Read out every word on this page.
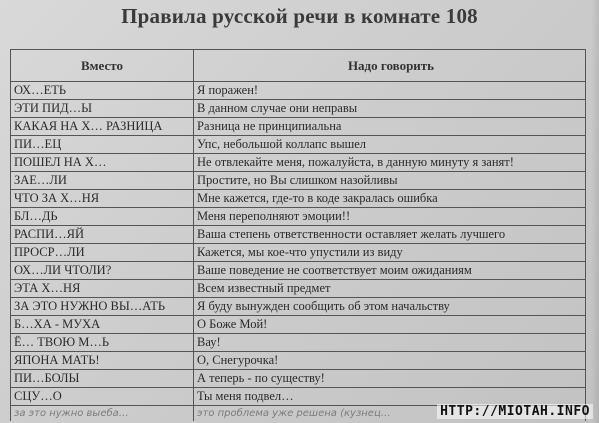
Правила русской речи в комнате 108
Вместо	Надо говорить
ОХ…ЕТЬ	Я поражен!
ЭТИ ПИД…Ы	В данном случае они неправы
КАКАЯ НА Х… РАЗНИЦА	Разница не принципиальна
ПИ…ЕЦ	Упс, небольшой коллапс вышел
ПОШЕЛ НА Х…	Не отвлекайте меня, пожалуйста, в данную минуту я занят!
ЗАЕ…ЛИ	Простите, но Вы слишком назойливы
ЧТО ЗА Х…НЯ	Мне кажется, где-то в коде закралась ошибка
БЛ…ДЬ	Меня переполняют эмоции!!
РАСПИ…ЯЙ	Ваша степень ответственности оставляет желать лучшего
ПРОСР…ЛИ	Кажется, мы кое-что упустили из виду
ОХ…ЛИ ЧТОЛИ?	Ваше поведение не соответствует моим ожиданиям
ЭТА Х…НЯ	Всем известный предмет
ЗА ЭТО НУЖНО ВЫ…АТЬ	Я буду вынужден сообщить об этом начальству
Б…ХА - МУХА	О Боже Мой!
Ё… ТВОЮ М…Ь	Вау!
ЯПОНА МАТЬ!	О, Снегурочка!
ПИ…БОЛЫ	А теперь - по существу!
СЦУ…О	Ты меня подвел…
за это нужно выеба…	это проблема уже решена (кузнец…	HTTP://MIOTAH.INFO
